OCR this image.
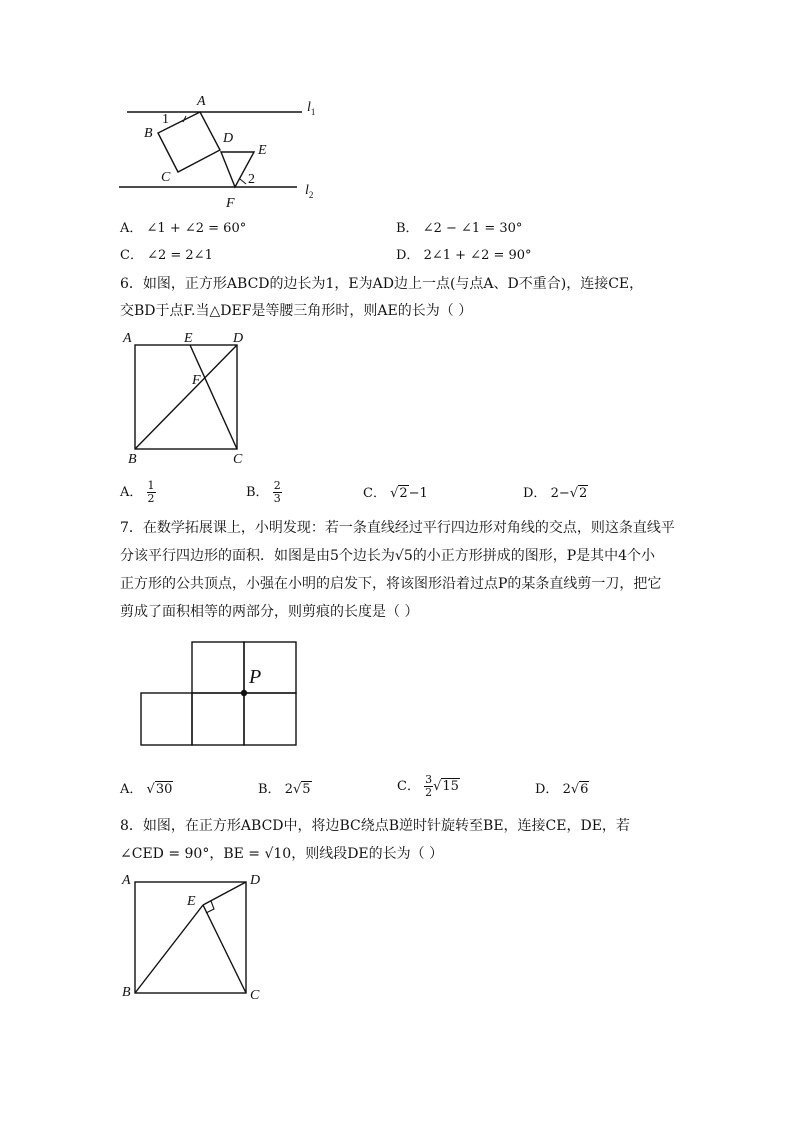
A
B
C
D
E
F
1
2
$l_1$
$l_2$
A． ∠1 + ∠2 = 60°	B． ∠2 − ∠1 = 30°
C． ∠2 = 2∠1	D． 2∠1 + ∠2 = 90°
6．如图，正方形ABCD的边长为1，E为AD边上一点(与点A、D不重合)，连接CE，
交BD于点F.当△DEF是等腰三角形时，则AE的长为（ ）
A	E	D
F
B	C
A． $\frac{1}{2}$	B． $\frac{2}{3}$	C． √2−1	D． 2−√2
7．在数学拓展课上，小明发现：若一条直线经过平行四边形对角线的交点，则这条直线平
分该平行四边形的面积．如图是由5个边长为√5的小正方形拼成的图形，P是其中4个小
正方形的公共顶点，小强在小明的启发下，将该图形沿着过点P的某条直线剪一刀，把它
剪成了面积相等的两部分，则剪痕的长度是（ ）
P
A． √30	B． 2√5	C． $\frac{3}{2} √15$	D． 2√6
8．如图，在正方形ABCD中，将边BC绕点B逆时针旋转至BE，连接CE，DE，若
∠CED = 90°，BE = √10，则线段DE的长为（ ）
A	D
E
B	C
